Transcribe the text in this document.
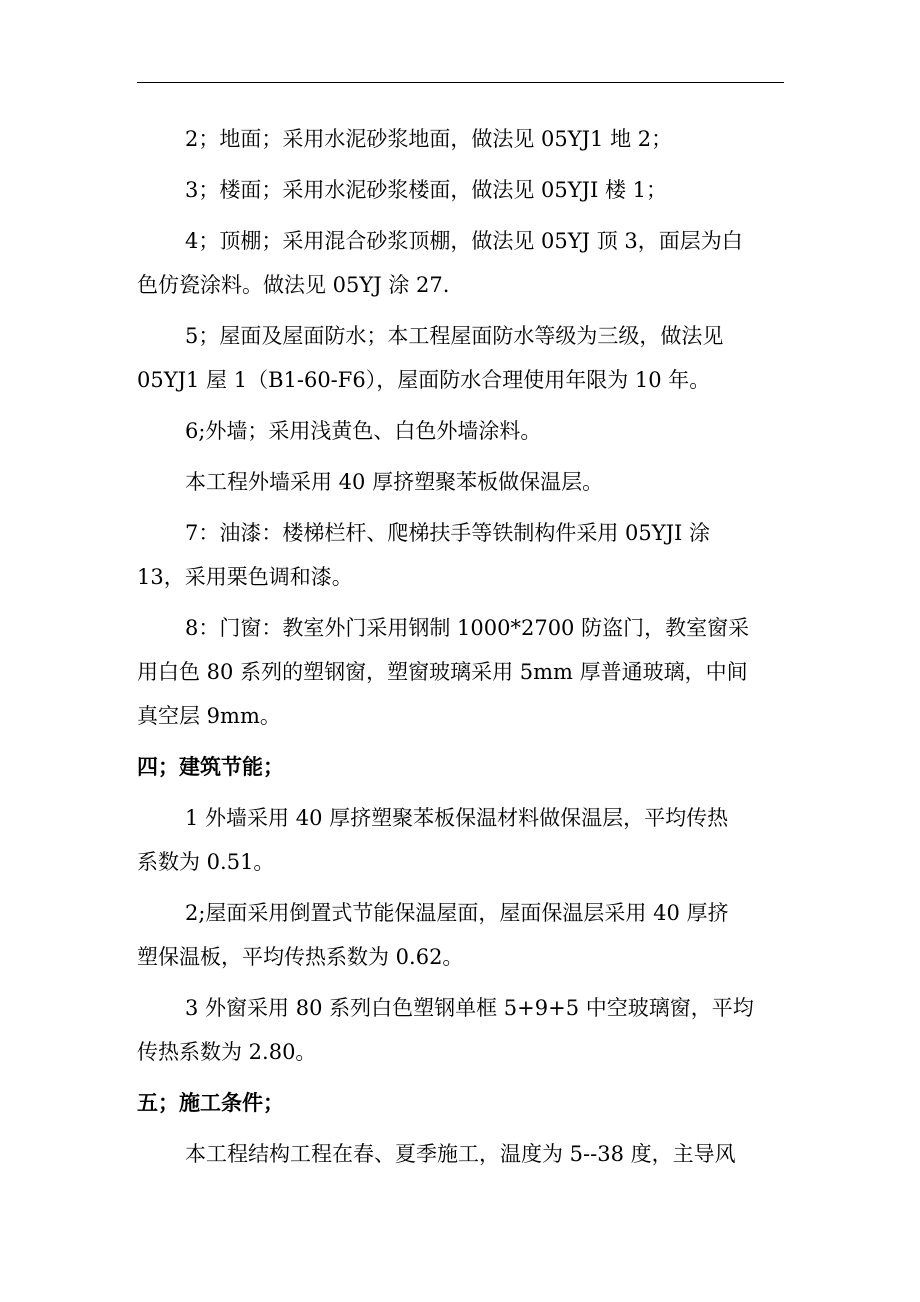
2；地面；采用水泥砂浆地面，做法见 05YJ1 地 2；
3；楼面；采用水泥砂浆楼面，做法见 05YJI 楼 1；
4；顶棚；采用混合砂浆顶棚，做法见 05YJ 顶 3，面层为白
色仿瓷涂料。做法见 05YJ 涂 27.
5；屋面及屋面防水；本工程屋面防水等级为三级，做法见
05YJ1 屋 1（B1-60-F6），屋面防水合理使用年限为 10 年。
6;外墙；采用浅黄色、白色外墙涂料。
本工程外墙采用 40 厚挤塑聚苯板做保温层。
7：油漆：楼梯栏杆、爬梯扶手等铁制构件采用 05YJI 涂
13，采用栗色调和漆。
8：门窗：教室外门采用钢制 1000*2700 防盗门，教室窗采
用白色 80 系列的塑钢窗，塑窗玻璃采用 5mm 厚普通玻璃，中间
真空层 9mm。
四；建筑节能；
1 外墙采用 40 厚挤塑聚苯板保温材料做保温层，平均传热
系数为 0.51。
2;屋面采用倒置式节能保温屋面，屋面保温层采用 40 厚挤
塑保温板，平均传热系数为 0.62。
3 外窗采用 80 系列白色塑钢单框 5+9+5 中空玻璃窗，平均
传热系数为 2.80。
五；施工条件；
本工程结构工程在春、夏季施工，温度为 5--38 度，主导风
